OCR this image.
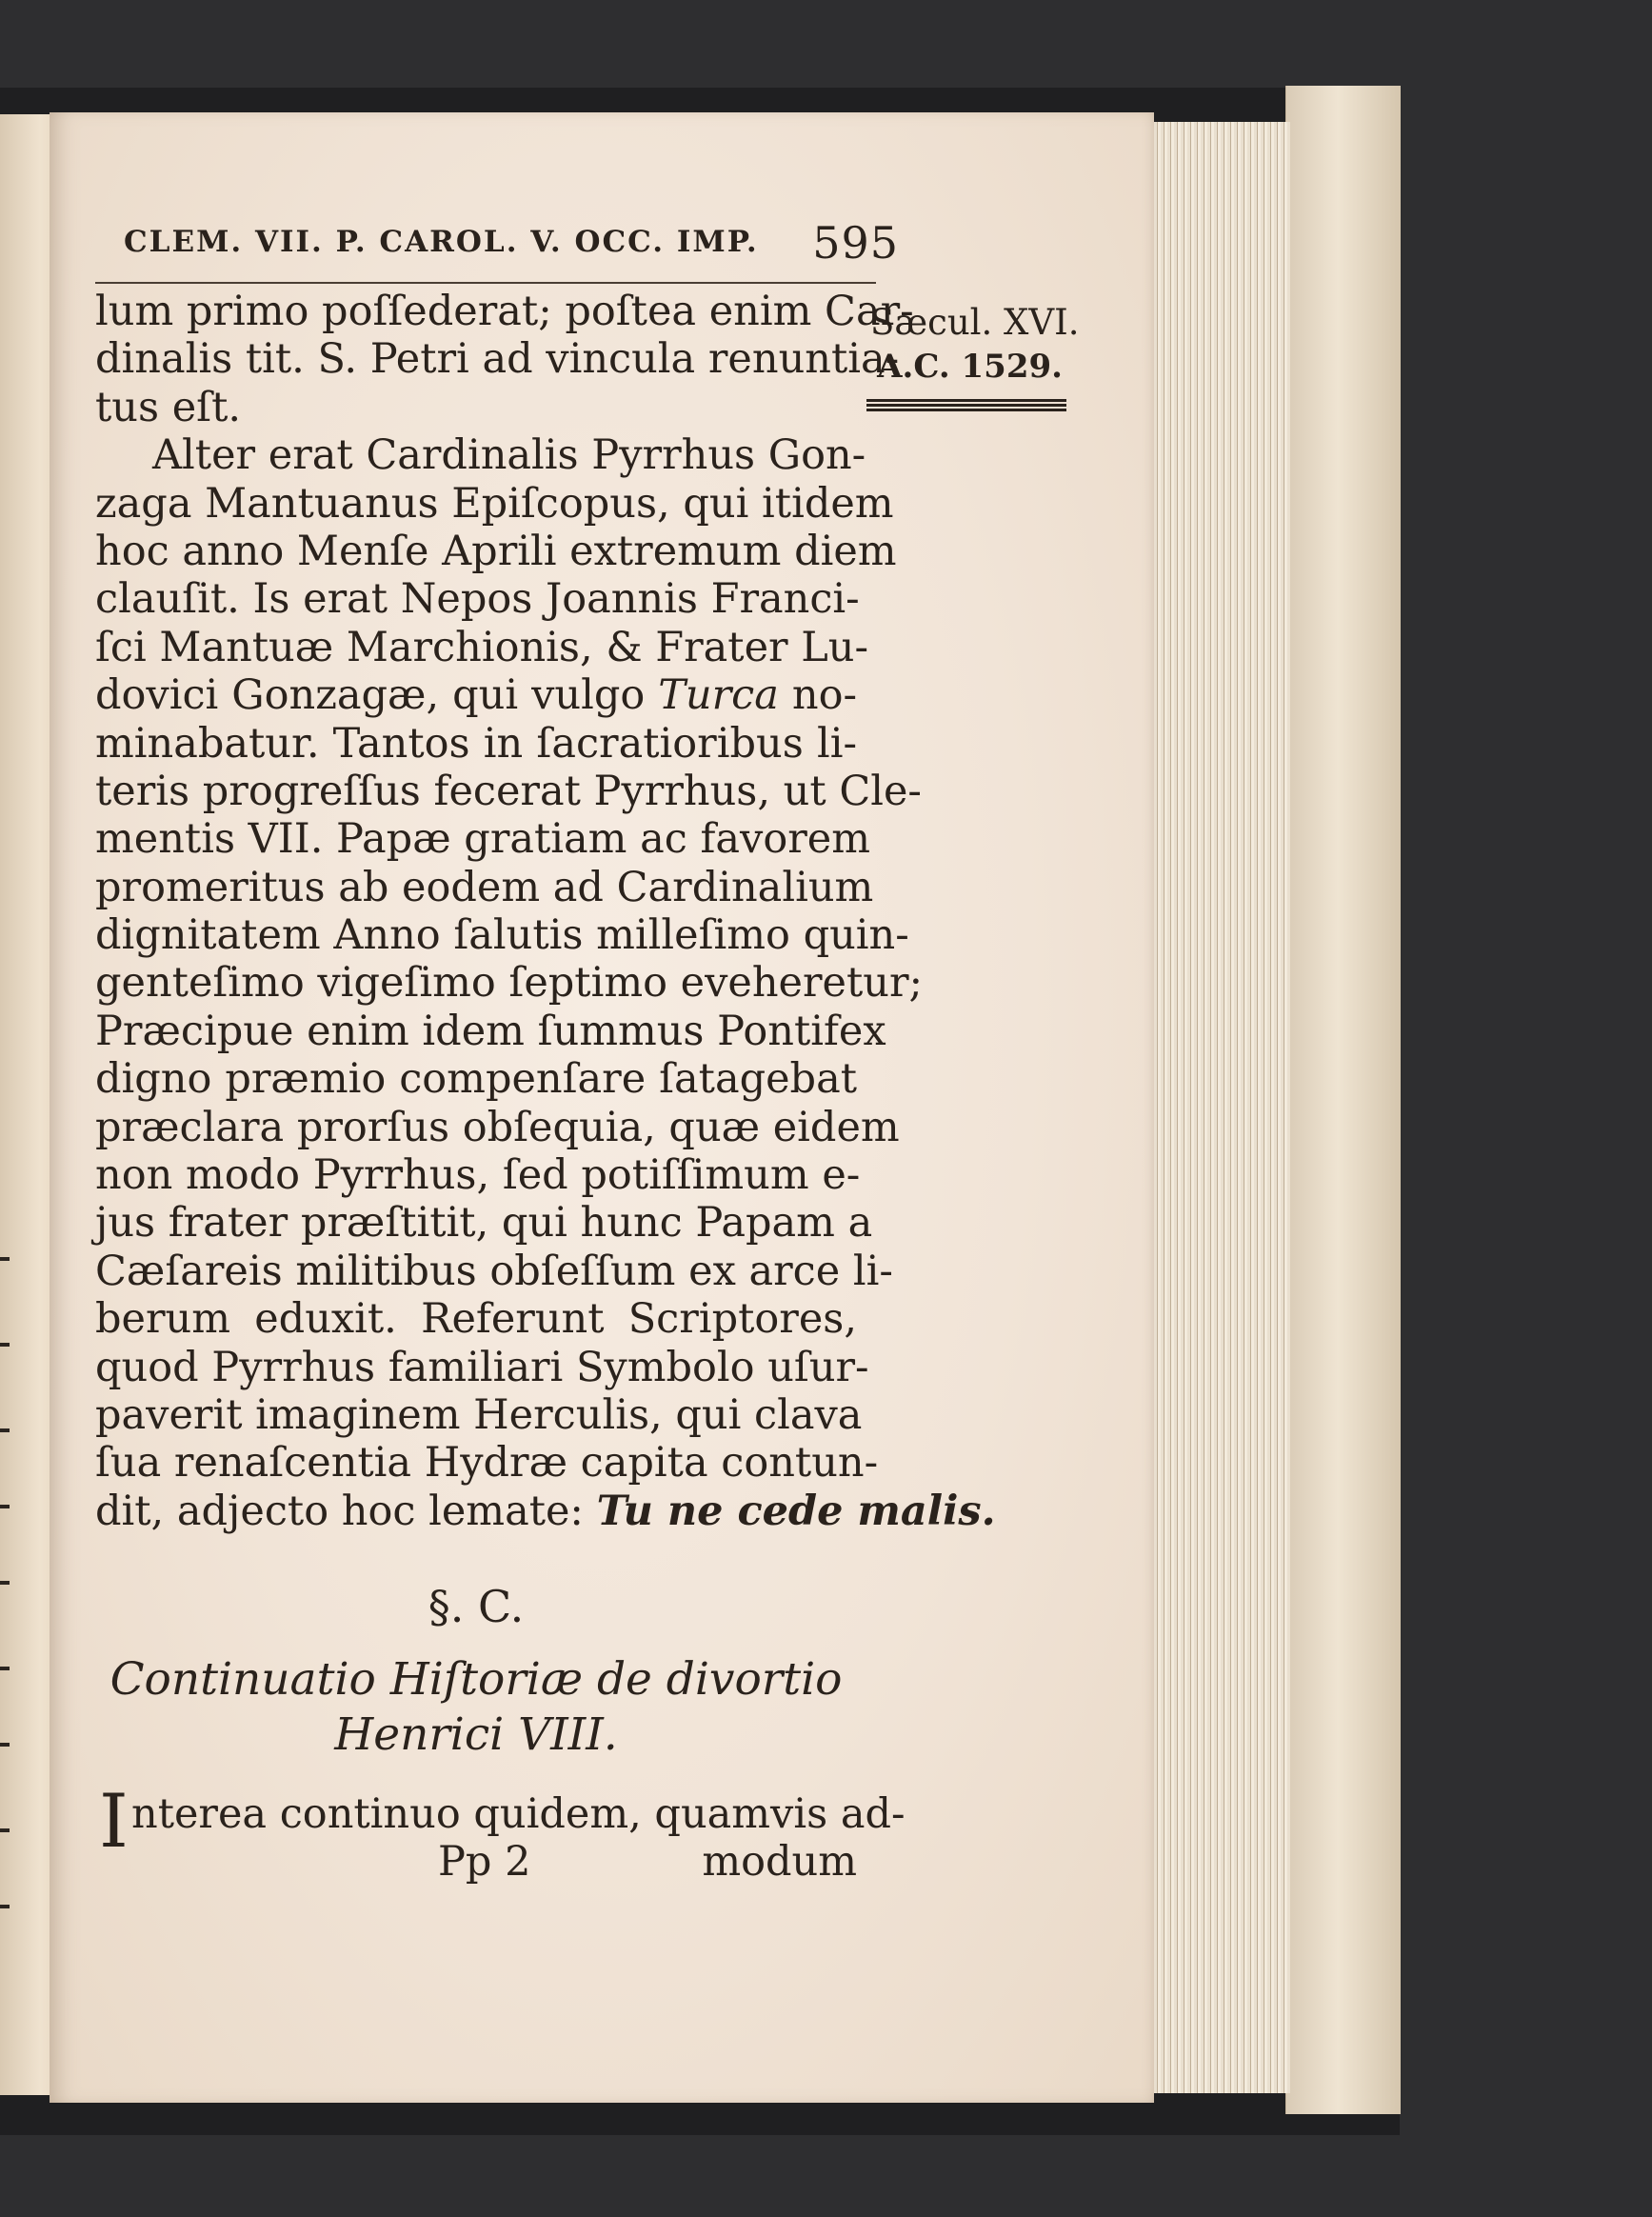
CLEM. VII. P. CAROL. V. OCC. IMP. 595
Sæcul. XVI.
A.C. 1529.
lum primo poſſederat; poſtea enim Car-
dinalis tit. S. Petri ad vincula renuntia-
tus eſt.
Alter erat Cardinalis Pyrrhus Gon-
zaga Mantuanus Epiſcopus, qui itidem
hoc anno Menſe Aprili extremum diem
clauſit. Is erat Nepos Joannis Franci-
ſci Mantuæ Marchionis, & Frater Lu-
dovici Gonzagæ, qui vulgo Turca no-
minabatur. Tantos in ſacratioribus li-
teris progreſſus fecerat Pyrrhus, ut Cle-
mentis VII. Papæ gratiam ac favorem
promeritus ab eodem ad Cardinalium
dignitatem Anno ſalutis milleſimo quin-
genteſimo vigeſimo ſeptimo eveheretur;
Præcipue enim idem ſummus Pontifex
digno præmio compenſare ſatagebat
præclara prorſus obſequia, quæ eidem
non modo Pyrrhus, ſed potiſſimum e-
jus frater præſtitit, qui hunc Papam a
Cæſareis militibus obſeſſum ex arce li-
berum eduxit. Referunt Scriptores,
quod Pyrrhus familiari Symbolo uſur-
paverit imaginem Herculis, qui clava
ſua renaſcentia Hydræ capita contun-
dit, adjecto hoc lemate: Tu ne cede malis.
§. C.
Continuatio Hiſtoriæ de divortio
Henrici VIII.
I nterea continuo quidem, quamvis ad-
Pp 2	modum
